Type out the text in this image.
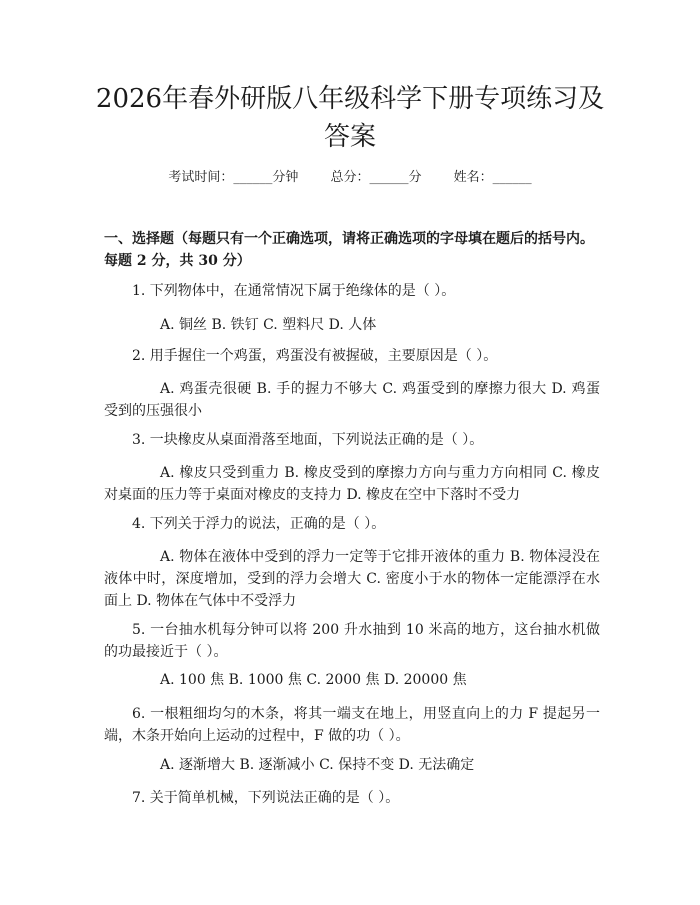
2026年春外研版八年级科学下册专项练习及答案
考试时间：______分钟 总分：______分 姓名：______
一、选择题（每题只有一个正确选项，请将正确选项的字母填在题后的括号内。每题 2 分，共 30 分）

1. 下列物体中，在通常情况下属于绝缘体的是（ ）。

A. 铜丝 B. 铁钉 C. 塑料尺 D. 人体

2. 用手握住一个鸡蛋，鸡蛋没有被握破，主要原因是（ ）。

A. 鸡蛋壳很硬 B. 手的握力不够大 C. 鸡蛋受到的摩擦力很大 D. 鸡蛋受到的压强很小

3. 一块橡皮从桌面滑落至地面，下列说法正确的是（ ）。

A. 橡皮只受到重力 B. 橡皮受到的摩擦力方向与重力方向相同 C. 橡皮对桌面的压力等于桌面对橡皮的支持力 D. 橡皮在空中下落时不受力

4. 下列关于浮力的说法，正确的是（ ）。

A. 物体在液体中受到的浮力一定等于它排开液体的重力 B. 物体浸没在液体中时，深度增加，受到的浮力会增大 C. 密度小于水的物体一定能漂浮在水面上 D. 物体在气体中不受浮力

5. 一台抽水机每分钟可以将 200 升水抽到 10 米高的地方，这台抽水机做的功最接近于（ ）。

A. 100 焦 B. 1000 焦 C. 2000 焦 D. 20000 焦

6. 一根粗细均匀的木条，将其一端支在地上，用竖直向上的力 F 提起另一端，木条开始向上运动的过程中，F 做的功（ ）。

A. 逐渐增大 B. 逐渐减小 C. 保持不变 D. 无法确定

7. 关于简单机械，下列说法正确的是（ ）。
